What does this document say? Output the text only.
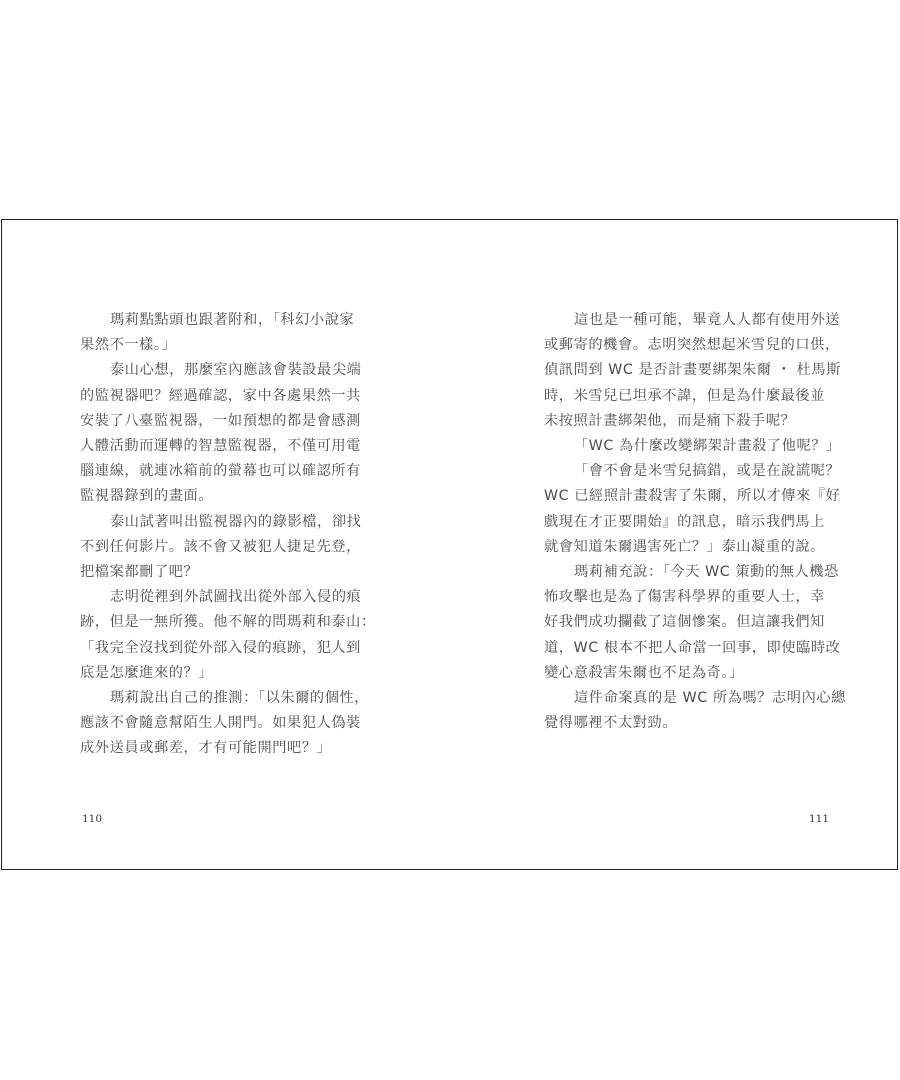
瑪莉點點頭也跟著附和，「科幻小說家
果然不一樣。」
泰山心想，那麼室內應該會裝設最尖端
的監視器吧？經過確認，家中各處果然一共
安裝了八臺監視器，一如預想的都是會感測
人體活動而運轉的智慧監視器，不僅可用電
腦連線，就連冰箱前的螢幕也可以確認所有
監視器錄到的畫面。
泰山試著叫出監視器內的錄影檔，卻找
不到任何影片。該不會又被犯人捷足先登，
把檔案都刪了吧？
志明從裡到外試圖找出從外部入侵的痕
跡，但是一無所獲。他不解的問瑪莉和泰山：
「我完全沒找到從外部入侵的痕跡，犯人到
底是怎麼進來的？」
瑪莉說出自己的推測：「以朱爾的個性，
應該不會隨意幫陌生人開門。如果犯人偽裝
成外送員或郵差，才有可能開門吧？」

這也是一種可能，畢竟人人都有使用外送
或郵寄的機會。志明突然想起米雪兒的口供，
偵訊問到 WC 是否計畫要綁架朱爾 ・ 杜馬斯
時，米雪兒已坦承不諱，但是為什麼最後並
未按照計畫綁架他，而是痛下殺手呢？
「WC 為什麼改變綁架計畫殺了他呢？」
「會不會是米雪兒搞錯，或是在說謊呢？
WC 已經照計畫殺害了朱爾，所以才傳來『好
戲現在才正要開始』的訊息，暗示我們馬上
就會知道朱爾遇害死亡？」泰山凝重的說。
瑪莉補充說：「今天 WC 策動的無人機恐
怖攻擊也是為了傷害科學界的重要人士，幸
好我們成功攔截了這個慘案。但這讓我們知
道，WC 根本不把人命當一回事，即使臨時改
變心意殺害朱爾也不足為奇。」
這件命案真的是 WC 所為嗎？志明內心總
覺得哪裡不太對勁。

110	111
